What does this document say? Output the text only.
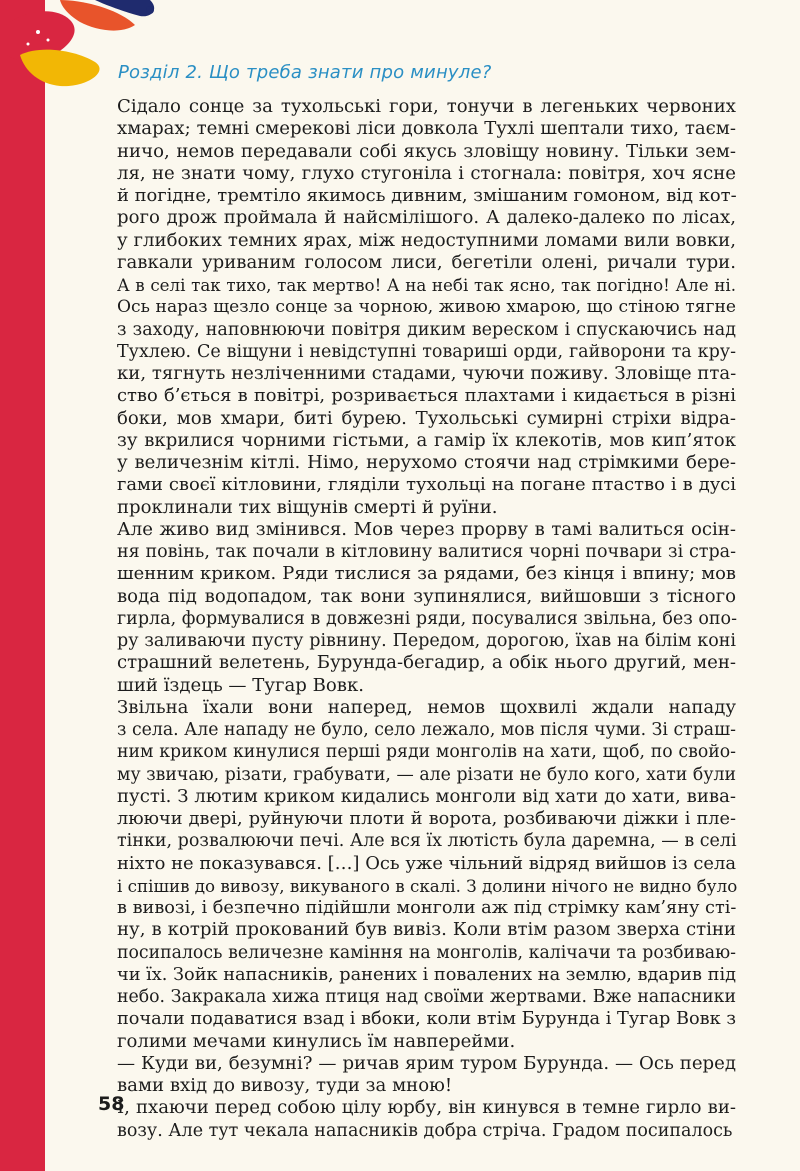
Розділ 2. Що треба знати про минуле?

Сідало сонце за тухольські гори, тонучи в легеньких червоних
хмарах; темні смерекові ліси довкола Тухлі шептали тихо, таєм-
ничо, немов передавали собі якусь зловіщу новину. Тільки зем-
ля, не знати чому, глухо стугоніла і стогнала: повітря, хоч ясне
й погідне, тремтіло якимось дивним, змішаним гомоном, від кот-
рого дрож проймала й найсмілішого. А далеко-далеко по лісах,
у глибоких темних ярах, між недоступними ломами вили вовки,
гавкали уриваним голосом лиси, бегетіли олені, ричали тури.
А в селі так тихо, так мертво! А на небі так ясно, так погідно! Але ні.
Ось нараз щезло сонце за чорною, живою хмарою, що стіною тягне
з заходу, наповнюючи повітря диким вереском і спускаючись над
Тухлею. Се віщуни і невідступні товариші орди, гайворони та кру-
ки, тягнуть незліченними стадами, чуючи поживу. Зловіще пта-
ство б’ється в повітрі, розривається плахтами і кидається в різні
боки, мов хмари, биті бурею. Тухольські сумирні стріхи відра-
зу вкрилися чорними гістьми, а гамір їх клекотів, мов кип’яток
у величезнім кітлі. Німо, нерухомо стоячи над стрімкими бере-
гами своєї кітловини, гляділи тухольці на погане птаство і в дусі
проклинали тих віщунів смерті й руїни.

Але живо вид змінився. Мов через прорву в тамі валиться осін-
ня повінь, так почали в кітловину валитися чорні почвари зі стра-
шенним криком. Ряди тислися за рядами, без кінця і впину; мов
вода під водопадом, так вони зупинялися, вийшовши з тісного
гирла, формувалися в довжезні ряди, посувалися звільна, без опо-
ру заливаючи пусту рівнину. Передом, дорогою, їхав на білім коні
страшний велетень, Бурунда-бегадир, а обік нього другий, мен-
ший їздець — Тугар Вовк.

Звільна їхали вони наперед, немов щохвилі ждали нападу
з села. Але нападу не було, село лежало, мов після чуми. Зі страш-
ним криком кинулися перші ряди монголів на хати, щоб, по свойо-
му звичаю, різати, грабувати, — але різати не було кого, хати були
пусті. З лютим криком кидались монголи від хати до хати, вива-
люючи двері, руйнуючи плоти й ворота, розбиваючи діжки і пле-
тінки, розвалюючи печі. Але вся їх лютість була даремна, — в селі
ніхто не показувався. […] Ось уже чільний відряд вийшов із села
і спішив до вивозу, викуваного в скалі. З долини нічого не видно було
в вивозі, і безпечно підійшли монголи аж під стрімку кам’яну сті-
ну, в котрій прокований був вивіз. Коли втім разом зверха стіни
посипалось величезне каміння на монголів, калічачи та розбиваю-
чи їх. Зойк напасників, ранених і повалених на землю, вдарив під
небо. Закракала хижа птиця над своїми жертвами. Вже напасники
почали подаватися взад і вбоки, коли втім Бурунда і Тугар Вовк з
голими мечами кинулись їм навперейми.

— Куди ви, безумні? — ричав ярим туром Бурунда. — Ось перед
вами вхід до вивозу, туди за мною!

І, пхаючи перед собою цілу юрбу, він кинувся в темне гирло ви-
возу. Але тут чекала напасників добра стріча. Градом посипалось

58
